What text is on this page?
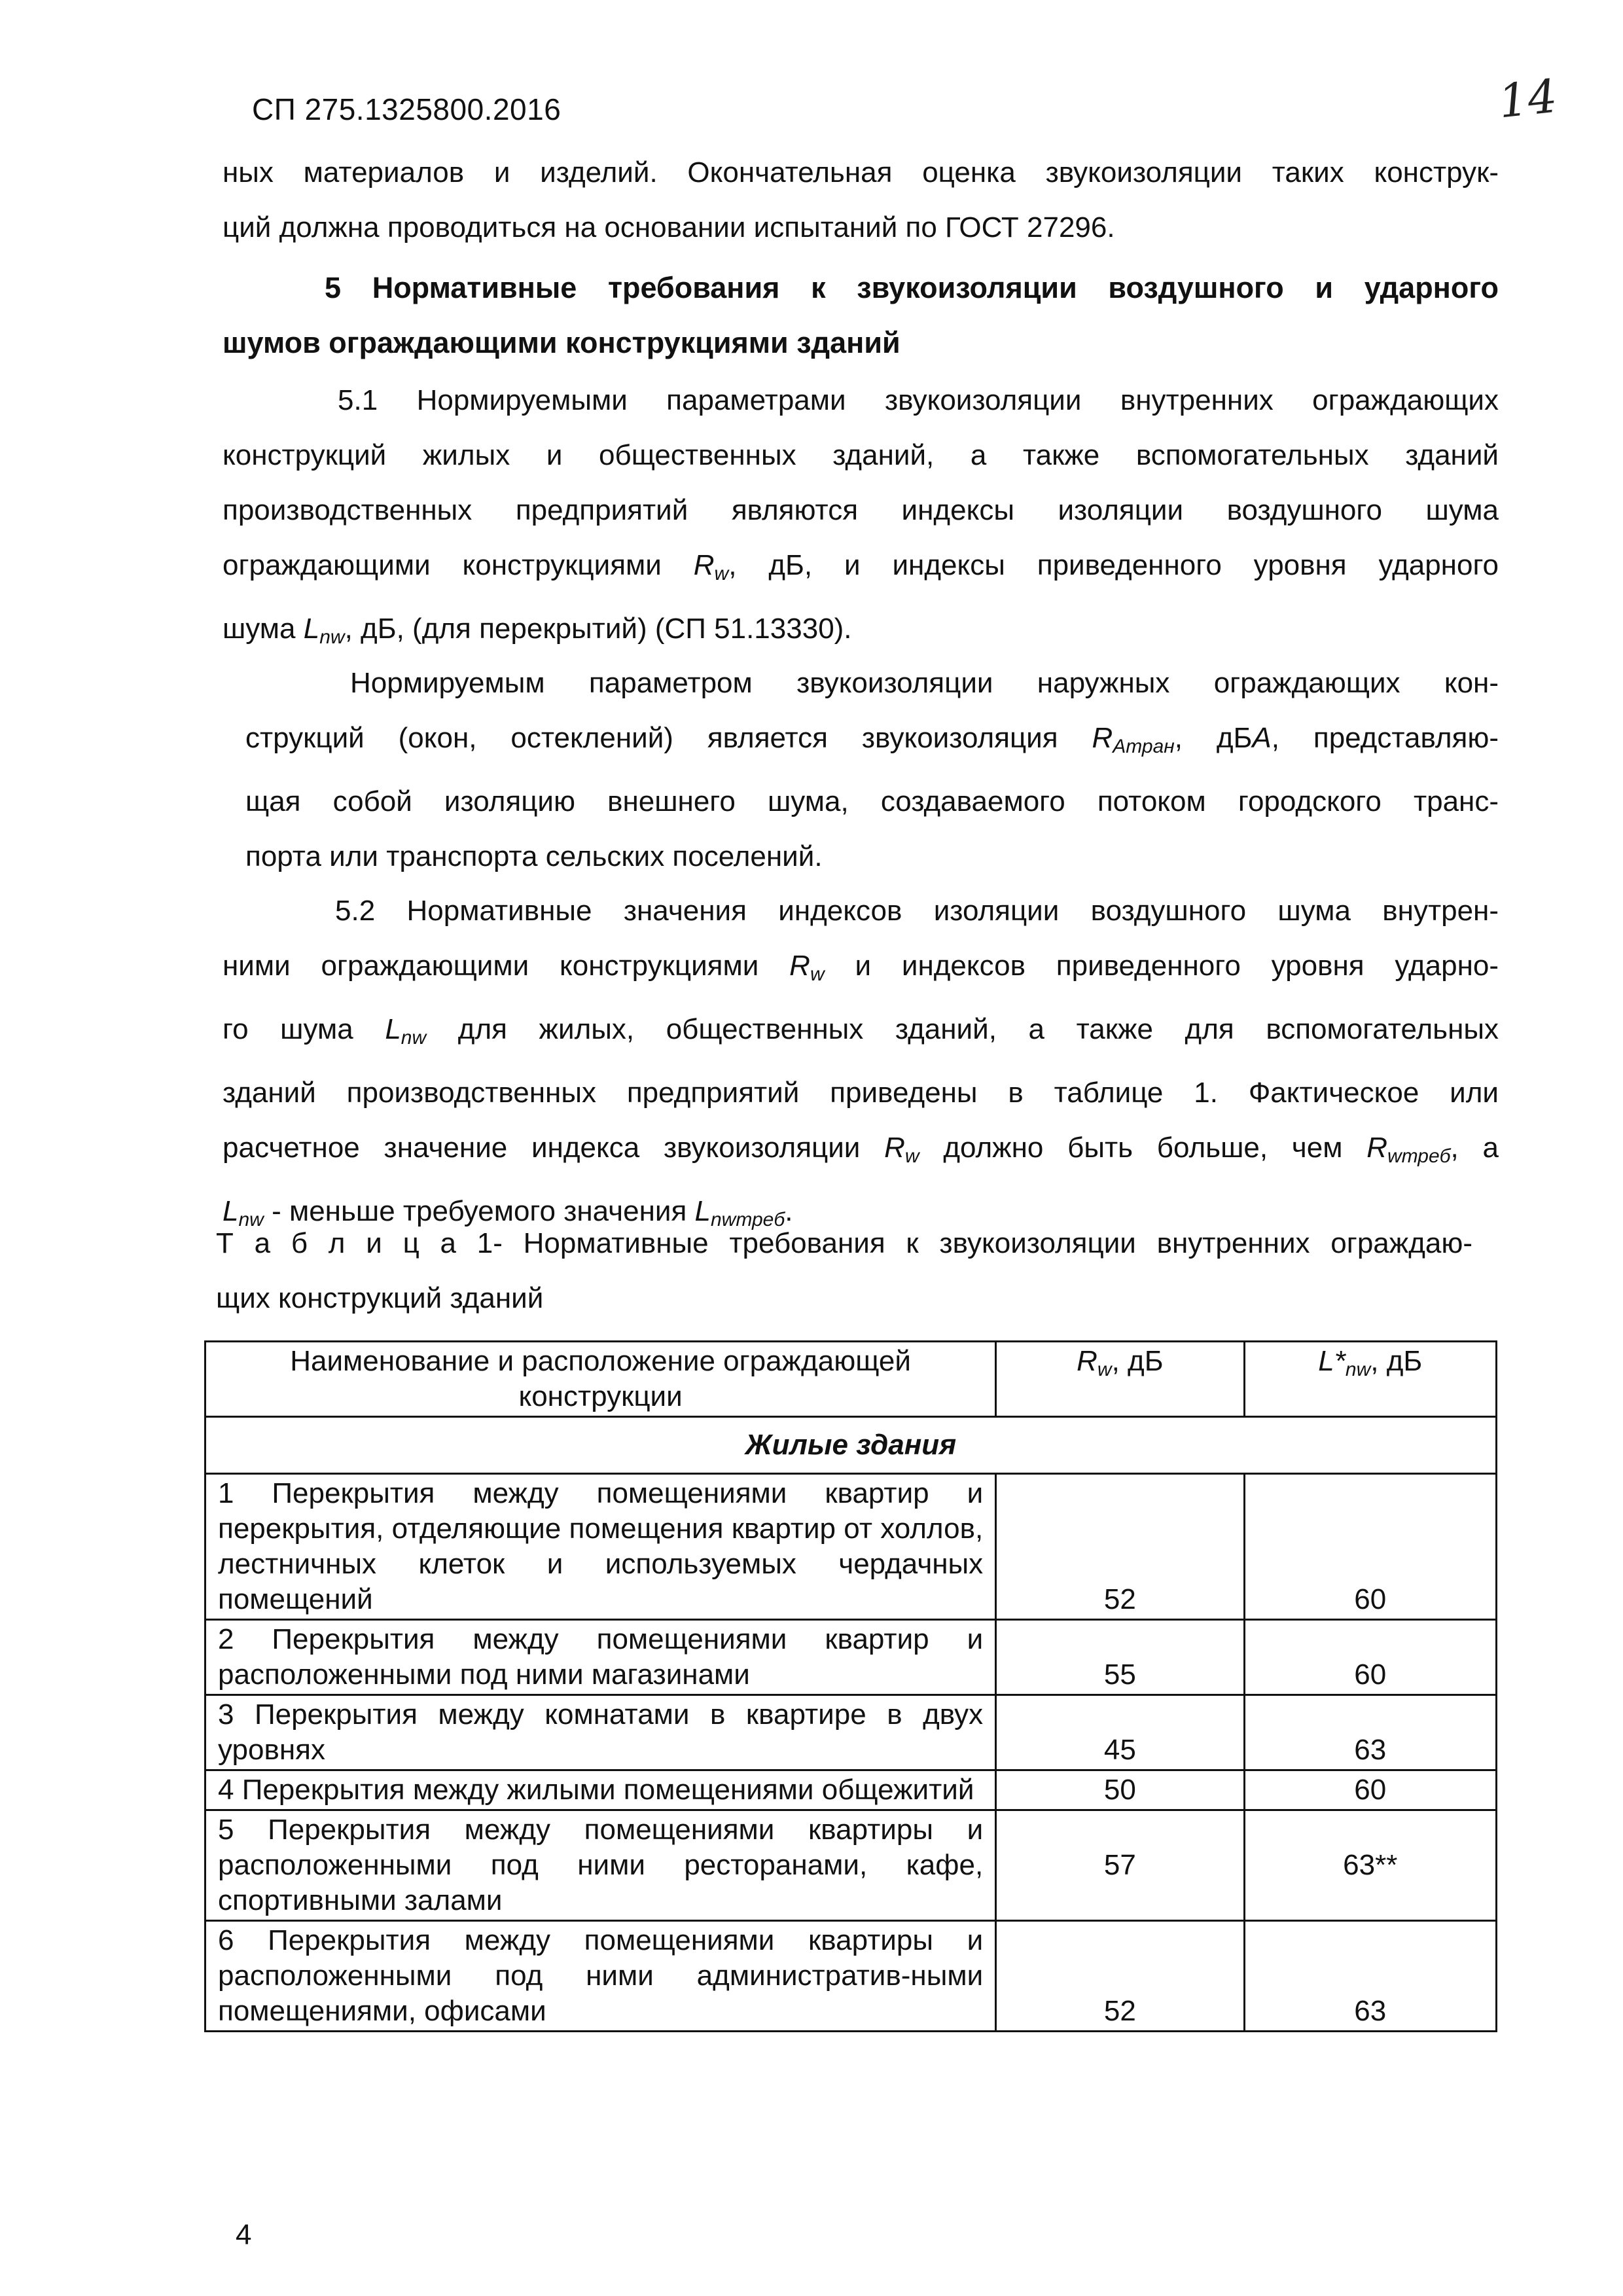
СП 275.1325800.2016	14
ных материалов и изделий. Окончательная оценка звукоизоляции таких конструк-
ций должна проводиться на основании испытаний по ГОСТ 27296.
5 Нормативные требования к звукоизоляции воздушного и ударного
шумов ограждающими конструкциями зданий
5.1 Нормируемыми параметрами звукоизоляции внутренних ограждающих
конструкций жилых и общественных зданий, а также вспомогательных зданий
производственных предприятий являются индексы изоляции воздушного шума
ограждающими конструкциями $R_w$, дБ, и индексы приведенного уровня ударного
шума $L_{nw}$, дБ, (для перекрытий) (СП 51.13330).
Нормируемым параметром звукоизоляции наружных ограждающих кон-
струкций (окон, остеклений) является звукоизоляция $R_{Атран}$, дБА, представляю-
щая собой изоляцию внешнего шума, создаваемого потоком городского транс-
порта или транспорта сельских поселений.
5.2 Нормативные значения индексов изоляции воздушного шума внутрен-
ними ограждающими конструкциями $R_w$ и индексов приведенного уровня ударно-
го шума $L_{nw}$ для жилых, общественных зданий, а также для вспомогательных
зданий производственных предприятий приведены в таблице 1. Фактическое или
расчетное значение индекса звукоизоляции $R_w$ должно быть больше, чем $R_{wтреб}$, а
$L_{nw}$ - меньше требуемого значения $L_{nwтреб}$.
Т а б л и ц а 1- Нормативные требования к звукоизоляции внутренних ограждаю-
щих конструкций зданий
Наименование и расположение ограждающей конструкции	$R_w$, дБ	$L*_{nw}$, дБ
Жилые здания		
1 Перекрытия между помещениями квартир и перекрытия, отделяющие помещения квартир от холлов, лестничных клеток и используемых чердачных помещений	52	60
2 Перекрытия между помещениями квартир и расположенными под ними магазинами	55	60
3 Перекрытия между комнатами в квартире в двух уровнях	45	63
4 Перекрытия между жилыми помещениями общежитий	50	60
5 Перекрытия между помещениями квартиры и расположенными под ними ресторанами, кафе, спортивными залами	57	63**
6 Перекрытия между помещениями квартиры и расположенными под ними административ-ными помещениями, офисами	52	63
4
